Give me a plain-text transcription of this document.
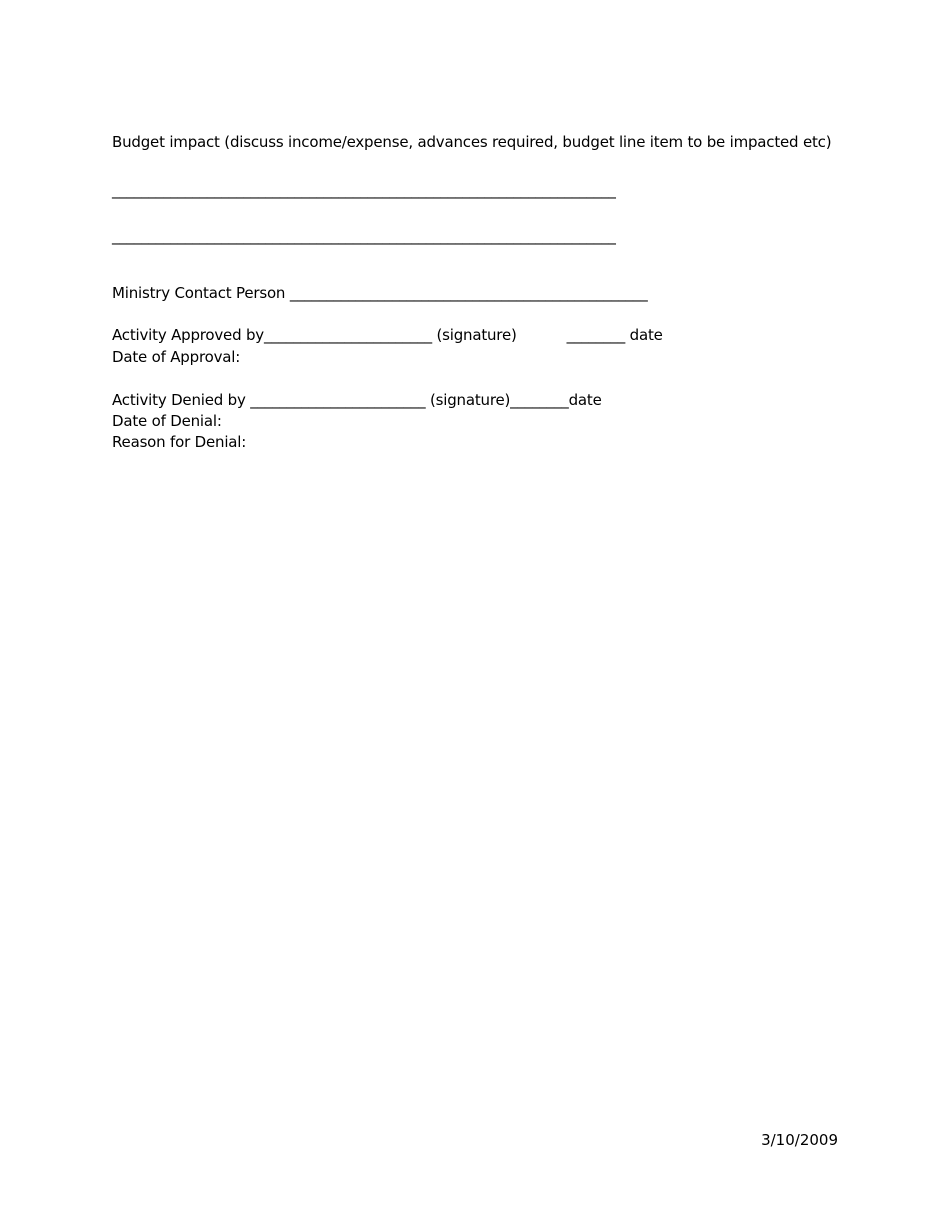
Budget impact (discuss income/expense, advances required, budget line item to be impacted etc)
_____________________________________________________________________
_____________________________________________________________________
Ministry Contact Person _________________________________________________
Activity Approved by_______________________ (signature)	________ date
Date of Approval:
Activity Denied by ________________________ (signature)________date
Date of Denial:
Reason for Denial:
3/10/2009
